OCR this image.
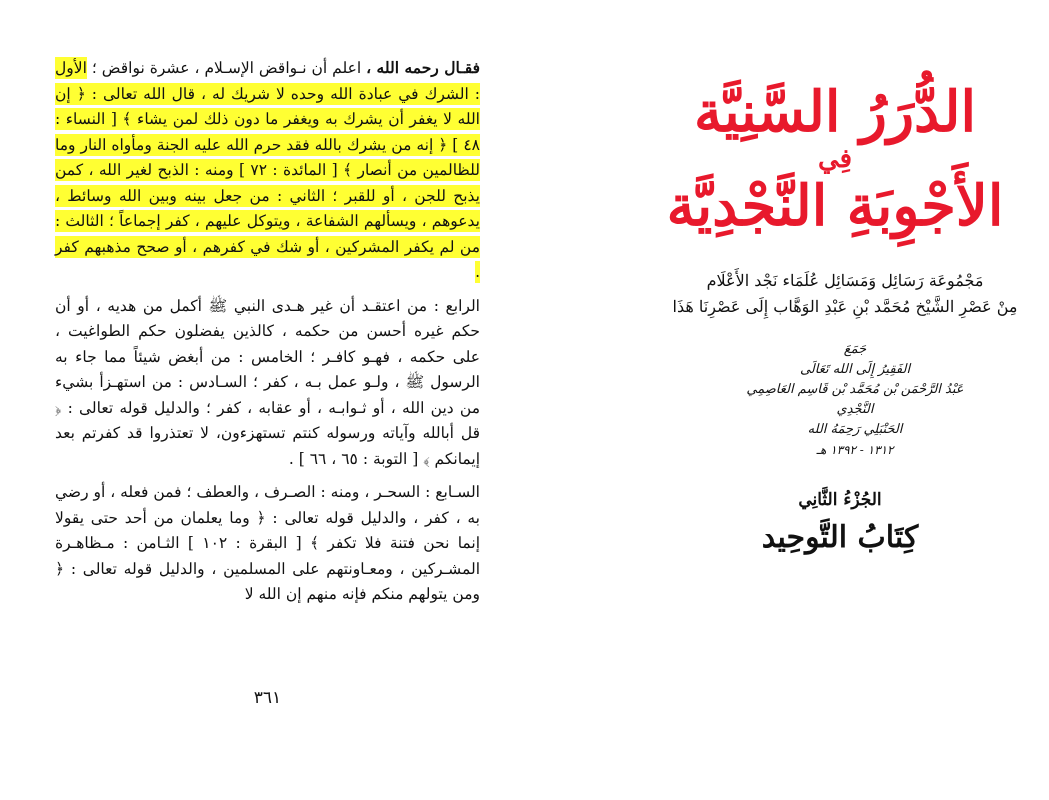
فقـال رحمه الله ، اعلم أن نـواقض الإسـلام ، عشرة نواقض ؛ الأول : الشرك في عبادة الله وحده لا شريك له ، قال الله تعالى : ﴿ إن الله لا يغفر أن يشرك به ويغفر ما دون ذلك لمن يشاء ﴾ [ النساء : ٤٨ ] ﴿ إنه من يشرك بالله فقد حرم الله عليه الجنة ومأواه النار وما للظالمين من أنصار ﴾ [ المائدة : ٧٢ ] ومنه : الذبح لغير الله ، كمن يذبح للجن ، أو للقبر ؛ الثاني : من جعل بينه وبين الله وسائط ، يدعوهم ، ويسألهم الشفاعة ، ويتوكل عليهم ، كفر إجماعاً ؛ الثالث : من لم يكفر المشركين ، أو شك في كفرهم ، أو صحح مذهبهم كفر .

الرابع : من اعتقـد أن غير هـدى النبي ﷺ أكمل من هديه ، أو أن حكم غيره أحسن من حكمه ، كالذين يفضلون حكم الطواغيت ، على حكمه ، فهـو كافـر ؛ الخامس : من أبغض شيئاً مما جاء به الرسول ﷺ ، ولـو عمل بـه ، كفر ؛ السـادس : من استهـزأ بشيء من دين الله ، أو ثـوابـه ، أو عقابه ، كفر ؛ والدليل قوله تعالى : ﴿ قل أبالله وآياته ورسوله كنتم تستهزءون، لا تعتذروا قد كفرتم بعد إيمانكم ﴾ [ التوبة : ٦٥ ، ٦٦ ] .

السـابع : السحـر ، ومنه : الصـرف ، والعطف ؛ فمن فعله ، أو رضي به ، كفر ، والدليل قوله تعالى : ﴿ وما يعلمان من أحد حتى يقولا إنما نحن فتنة فلا تكفر ﴾ [ البقرة : ١٠٢ ] الثـامن : مـظاهـرة المشـركين ، ومعـاونتهم على المسلمين ، والدليل قوله تعالى : ﴿ ومن يتولهم منكم فإنه منهم إن الله لا

٣٦١
الدُّرَرُ السَّنِيَّة
فِي
الأَجْوِبَةِ النَّجْدِيَّة
مَجْمُوعَة رَسَائِل وَمَسَائِل عُلَمَاء نَجْد الأَعْلَام
مِنْ عَصْرِ الشَّيْخ مُحَمَّد بْنِ عَبْدِ الوَهَّاب إِلَى عَصْرِنَا هَذَا
جَمَعَ
الفَقِيرُ إِلَى الله تَعَالَى
عَبْدُ الرَّحْمَن بْن مُحَمَّد بْن قَاسِم العَاصِمِي النَّجْدِي
الحَنْبَلِي رَحِمَهُ الله
١٣١٢ - ١٣٩٢ هـ
الجُزْءُ الثَّانِي
كِتَابُ التَّوحِيد
